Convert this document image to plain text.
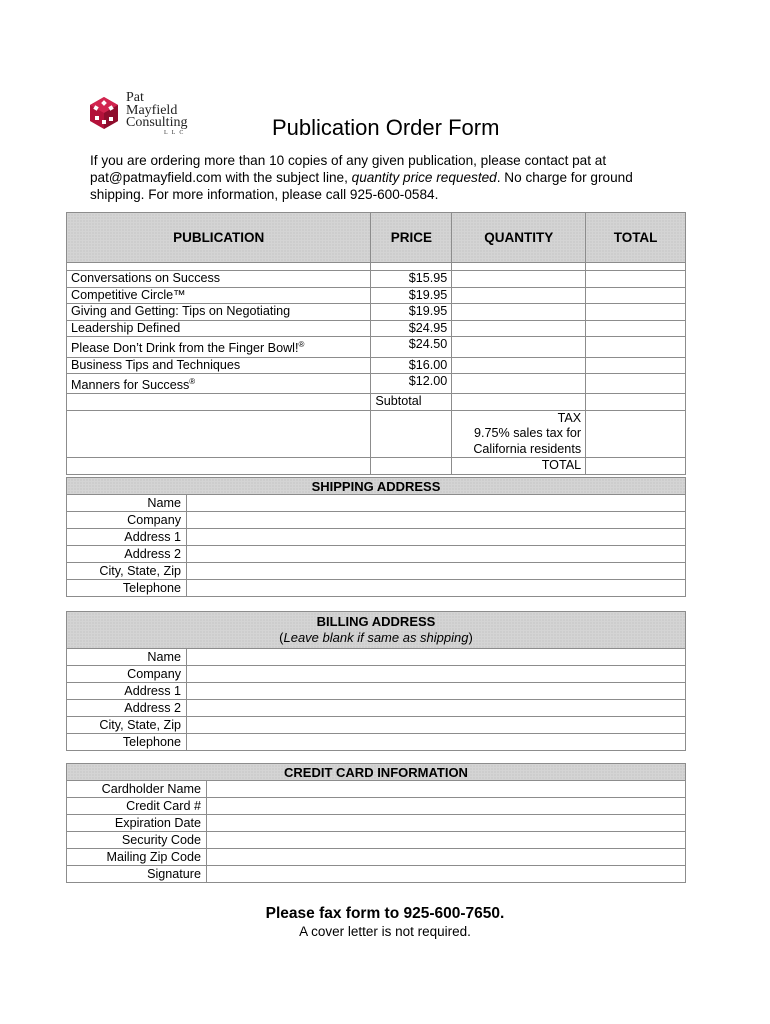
Pat
Mayfield
Consulting
LLC	Publication Order Form

If you are ordering more than 10 copies of any given publication, please contact pat at pat@patmayfield.com with the subject line, quantity price requested. No charge for ground shipping. For more information, please call 925-600-0584.

PUBLICATION	PRICE	QUANTITY	TOTAL

Conversations on Success	$15.95		
Competitive Circle™	$19.95		
Giving and Getting: Tips on Negotiating	$19.95		
Leadership Defined	$24.95		
Please Don’t Drink from the Finger Bowl!®	$24.50		
Business Tips and Techniques	$16.00		
Manners for Success®	$12.00		
	Subtotal		

		TAX
9.75% sales tax for
California residents	

		TOTAL	
SHIPPING ADDRESS	
Name	
Company	
Address 1	
Address 2	
City, State, Zip	
Telephone	
BILLING ADDRESS
(Leave blank if same as shipping)	

Name	
Company	
Address 1	
Address 2	
City, State, Zip	
Telephone	
CREDIT CARD INFORMATION	
Cardholder Name	
Credit Card #	
Expiration Date	
Security Code	
Mailing Zip Code	
Signature	
Please fax form to 925-600-7650.
A cover letter is not required.
